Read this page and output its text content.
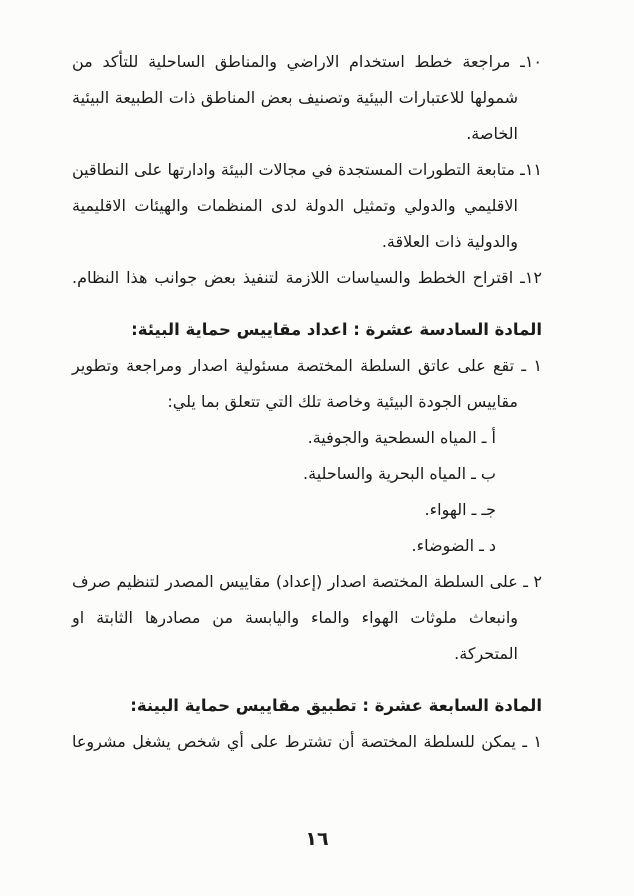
١٠ـ مراجعة خطط استخدام الاراضي والمناطق الساحلية للتأكد من

شمولها للاعتبارات البيئية وتصنيف بعض المناطق ذات الطبيعة البيئية

الخاصة.

١١ـ متابعة التطورات المستجدة في مجالات البيئة وادارتها على النطاقين

الاقليمي والدولي وتمثيل الدولة لدى المنظمات والهيئات الاقليمية

والدولية ذات العلاقة.

١٢ـ اقتراح الخطط والسياسات اللازمة لتنفيذ بعض جوانب هذا النظام.

المادة السادسة عشرة : اعداد مقاييس حماية البيئة:

١ ـ تقع على عاتق السلطة المختصة مسئولية اصدار ومراجعة وتطوير

مقاييس الجودة البيئية وخاصة تلك التي تتعلق بما يلي:

أ ـ المياه السطحية والجوفية.

ب ـ المياه البحرية والساحلية.

جـ ـ الهواء.

د ـ الضوضاء.

٢ ـ على السلطة المختصة اصدار (إعداد) مقاييس المصدر لتنظيم صرف

وانبعاث ملوثات الهواء والماء واليابسة من مصادرها الثابتة او

المتحركة.

المادة السابعة عشرة : تطبيق مقاييس حماية البينة:

١ ـ يمكن للسلطة المختصة أن تشترط على أي شخص يشغل مشروعا

١٦
